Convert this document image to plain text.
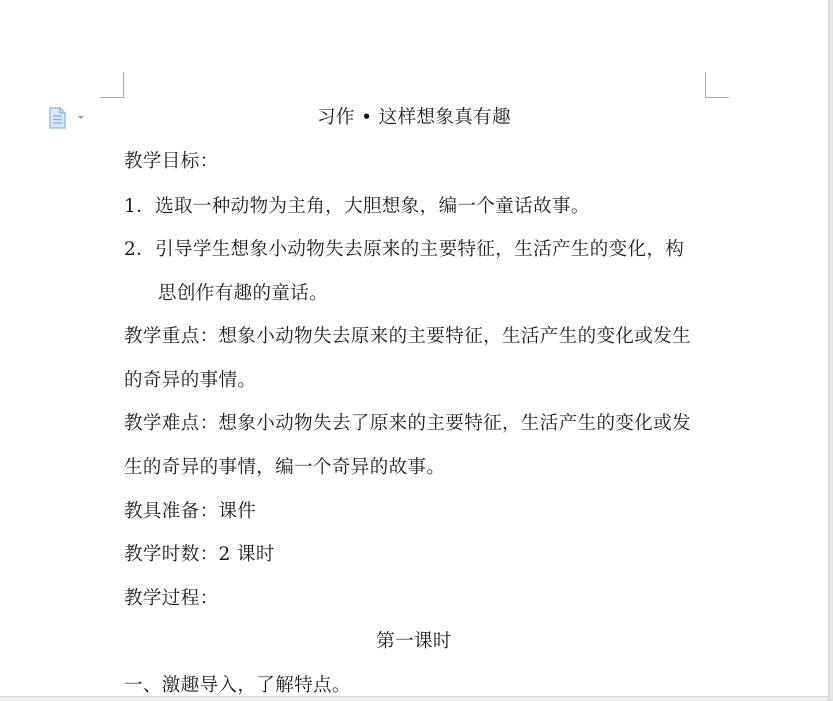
习作 • 这样想象真有趣
教学目标：
1．选取一种动物为主角，大胆想象，编一个童话故事。
2．引导学生想象小动物失去原来的主要特征，生活产生的变化，构
思创作有趣的童话。
教学重点：想象小动物失去原来的主要特征，生活产生的变化或发生
的奇异的事情。
教学难点：想象小动物失去了原来的主要特征，生活产生的变化或发
生的奇异的事情，编一个奇异的故事。
教具准备：课件
教学时数：2 课时
教学过程：
第一课时
一、激趣导入，了解特点。
